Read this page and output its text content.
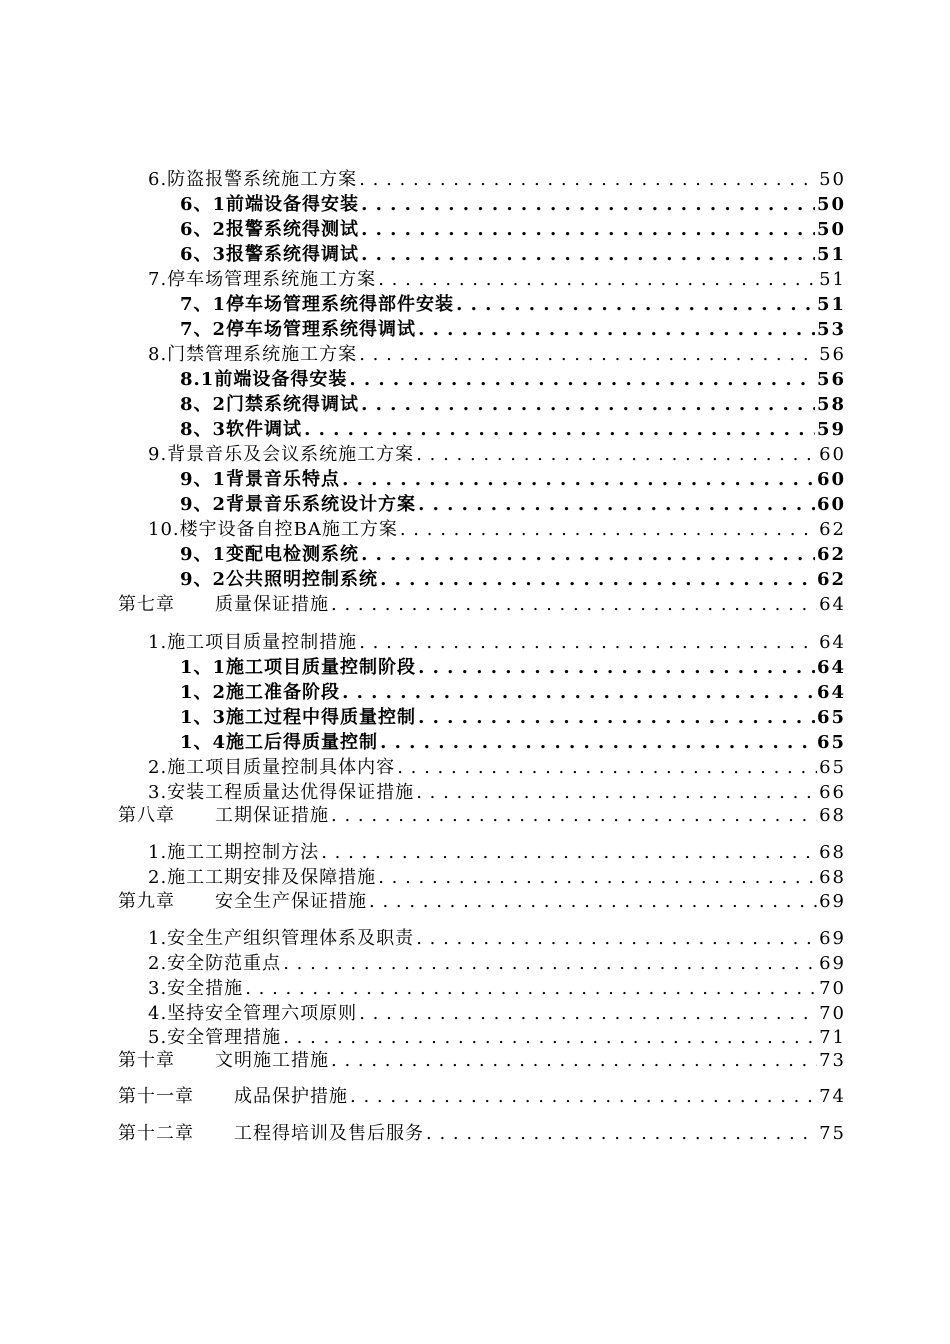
6.防盗报警系统施工方案 . . .	50
6、1前端设备得安装 . . .	50
6、2报警系统得测试 . . .	50
6、3报警系统得调试 . . .	51
7.停车场管理系统施工方案 . . .	51
7、1停车场管理系统得部件安装 . . .	51
7、2停车场管理系统得调试 . . .	53
8.门禁管理系统施工方案 . . .	56
8.1前端设备得安装 . . .	56
8、2门禁系统得调试 . . .	58
8、3软件调试 . . .	59
9.背景音乐及会议系统施工方案 . . .	60
9、1背景音乐特点 . . .	60
9、2背景音乐系统设计方案 . . .	60
10.楼宇设备自控BA施工方案 . . .	62
9、1变配电检测系统 . . .	62
9、2公共照明控制系统 . . .	62
第七章 质量保证措施 . . .	64
1.施工项目质量控制措施 . . .	64
1、1施工项目质量控制阶段 . . .	64
1、2施工准备阶段 . . .	64
1、3施工过程中得质量控制 . . .	65
1、4施工后得质量控制 . . .	65
2.施工项目质量控制具体内容 . . .	65
3.安装工程质量达优得保证措施 . . .	66
第八章 工期保证措施 . . .	68
1.施工工期控制方法 . . .	68
2.施工工期安排及保障措施 . . .	68
第九章 安全生产保证措施 . . .	69
1.安全生产组织管理体系及职责 . . .	69
2.安全防范重点 . . .	69
3.安全措施 . . .	70
4.坚持安全管理六项原则 . . .	70
5.安全管理措施 . . .	71
第十章 文明施工措施 . . .	73
第十一章 成品保护措施 . . .	74
第十二章 工程得培训及售后服务 . . .	75
